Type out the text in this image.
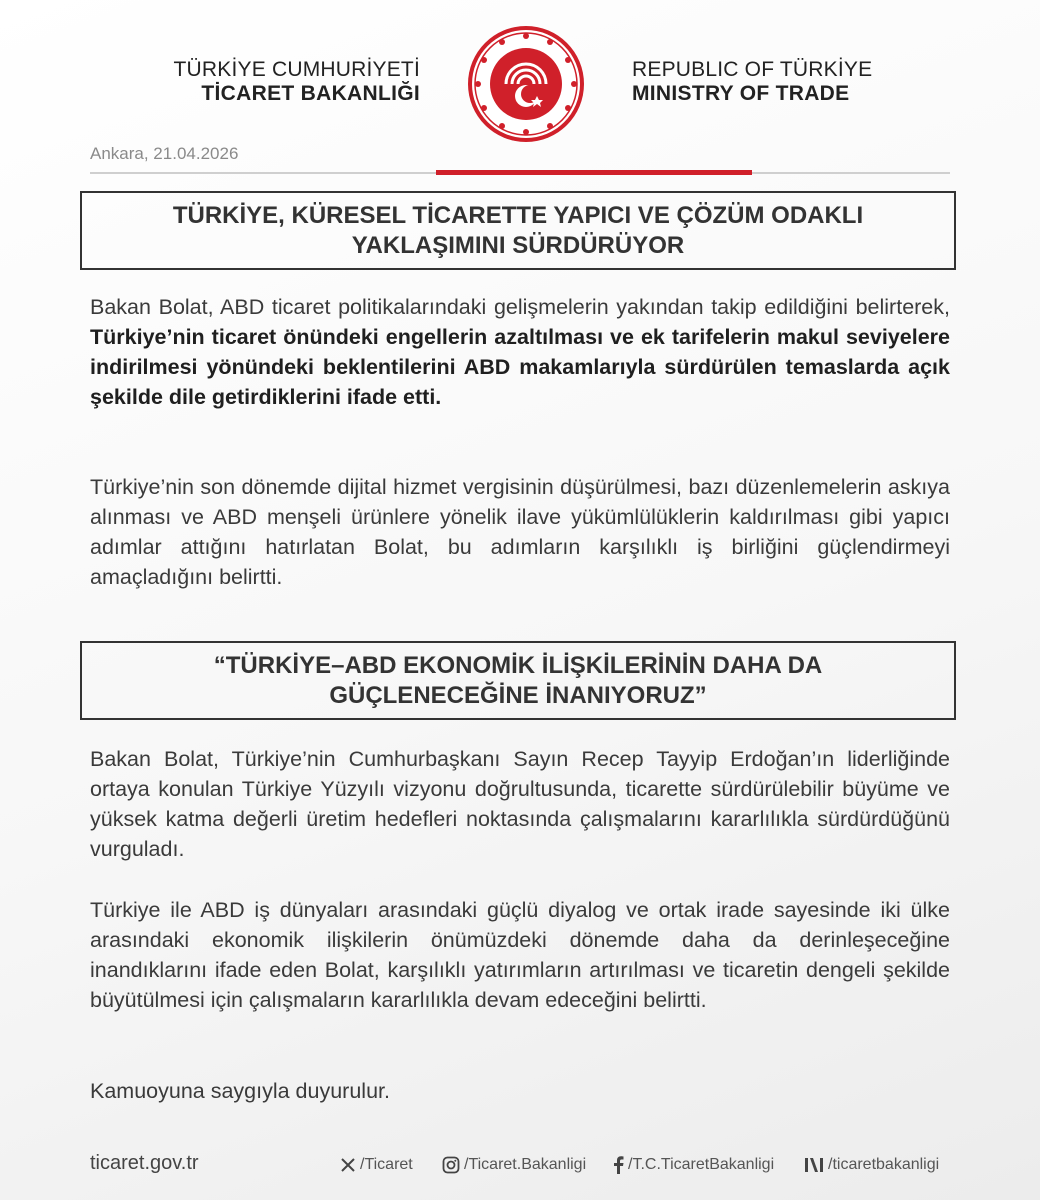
TÜRKİYE CUMHURİYETİ
TİCARET BAKANLIĞI
REPUBLIC OF TÜRKİYE
MINISTRY OF TRADE
Ankara, 21.04.2026
TÜRKİYE, KÜRESEL TİCARETTE YAPICI VE ÇÖZÜM ODAKLI
YAKLAŞIMINI SÜRDÜRÜYOR

Bakan Bolat, ABD ticaret politikalarındaki gelişmelerin yakından takip edildiğini belirterek, Türkiye’nin ticaret önündeki engellerin azaltılması ve ek tarifelerin makul seviyelere indirilmesi yönündeki beklentilerini ABD makamlarıyla sürdürülen temaslarda açık şekilde dile getirdiklerini ifade etti.

Türkiye’nin son dönemde dijital hizmet vergisinin düşürülmesi, bazı düzenlemelerin askıya alınması ve ABD menşeli ürünlere yönelik ilave yükümlülüklerin kaldırılması gibi yapıcı adımlar attığını hatırlatan Bolat, bu adımların karşılıklı iş birliğini güçlendirmeyi amaçladığını belirtti.

“TÜRKİYE–ABD EKONOMİK İLİŞKİLERİNİN DAHA DA
GÜÇLENECEĞİNE İNANIYORUZ”

Bakan Bolat, Türkiye’nin Cumhurbaşkanı Sayın Recep Tayyip Erdoğan’ın liderliğinde ortaya konulan Türkiye Yüzyılı vizyonu doğrultusunda, ticarette sürdürülebilir büyüme ve yüksek katma değerli üretim hedefleri noktasında çalışmalarını kararlılıkla sürdürdüğünü vurguladı.

Türkiye ile ABD iş dünyaları arasındaki güçlü diyalog ve ortak irade sayesinde iki ülke arasındaki ekonomik ilişkilerin önümüzdeki dönemde daha da derinleşeceğine inandıklarını ifade eden Bolat, karşılıklı yatırımların artırılması ve ticaretin dengeli şekilde büyütülmesi için çalışmaların kararlılıkla devam edeceğini belirtti.

Kamuoyuna saygıyla duyurulur.

ticaret.gov.tr	/Ticaret	/Ticaret.Bakanligi	/T.C.TicaretBakanligi	/ticaretbakanligi
